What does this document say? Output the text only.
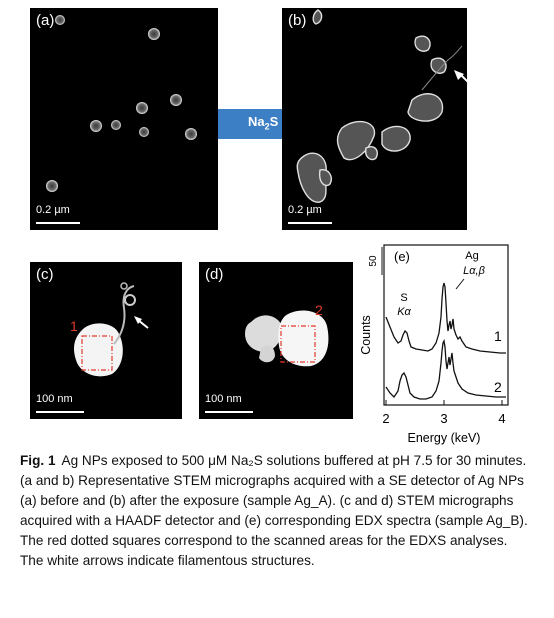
(a)
0.2 µm
$Na_2S$
(b)
0.2 µm
(c)
1
100 nm
(d)
2
100 nm
50
2	3	4
Energy (keV)
Counts
(e)
S
Kα
Ag
Lα,β
1
2
Fig. 1 Ag NPs exposed to 500 μM Na₂S solutions buffered at pH 7.5 for 30 minutes. (a and b) Representative STEM micrographs acquired with a SE detector of Ag NPs (a) before and (b) after the exposure (sample Ag_A). (c and d) STEM micrographs acquired with a HAADF detector and (e) corresponding EDX spectra (sample Ag_B). The red dotted squares correspond to the scanned areas for the EDXS analyses. The white arrows indicate filamentous structures.
